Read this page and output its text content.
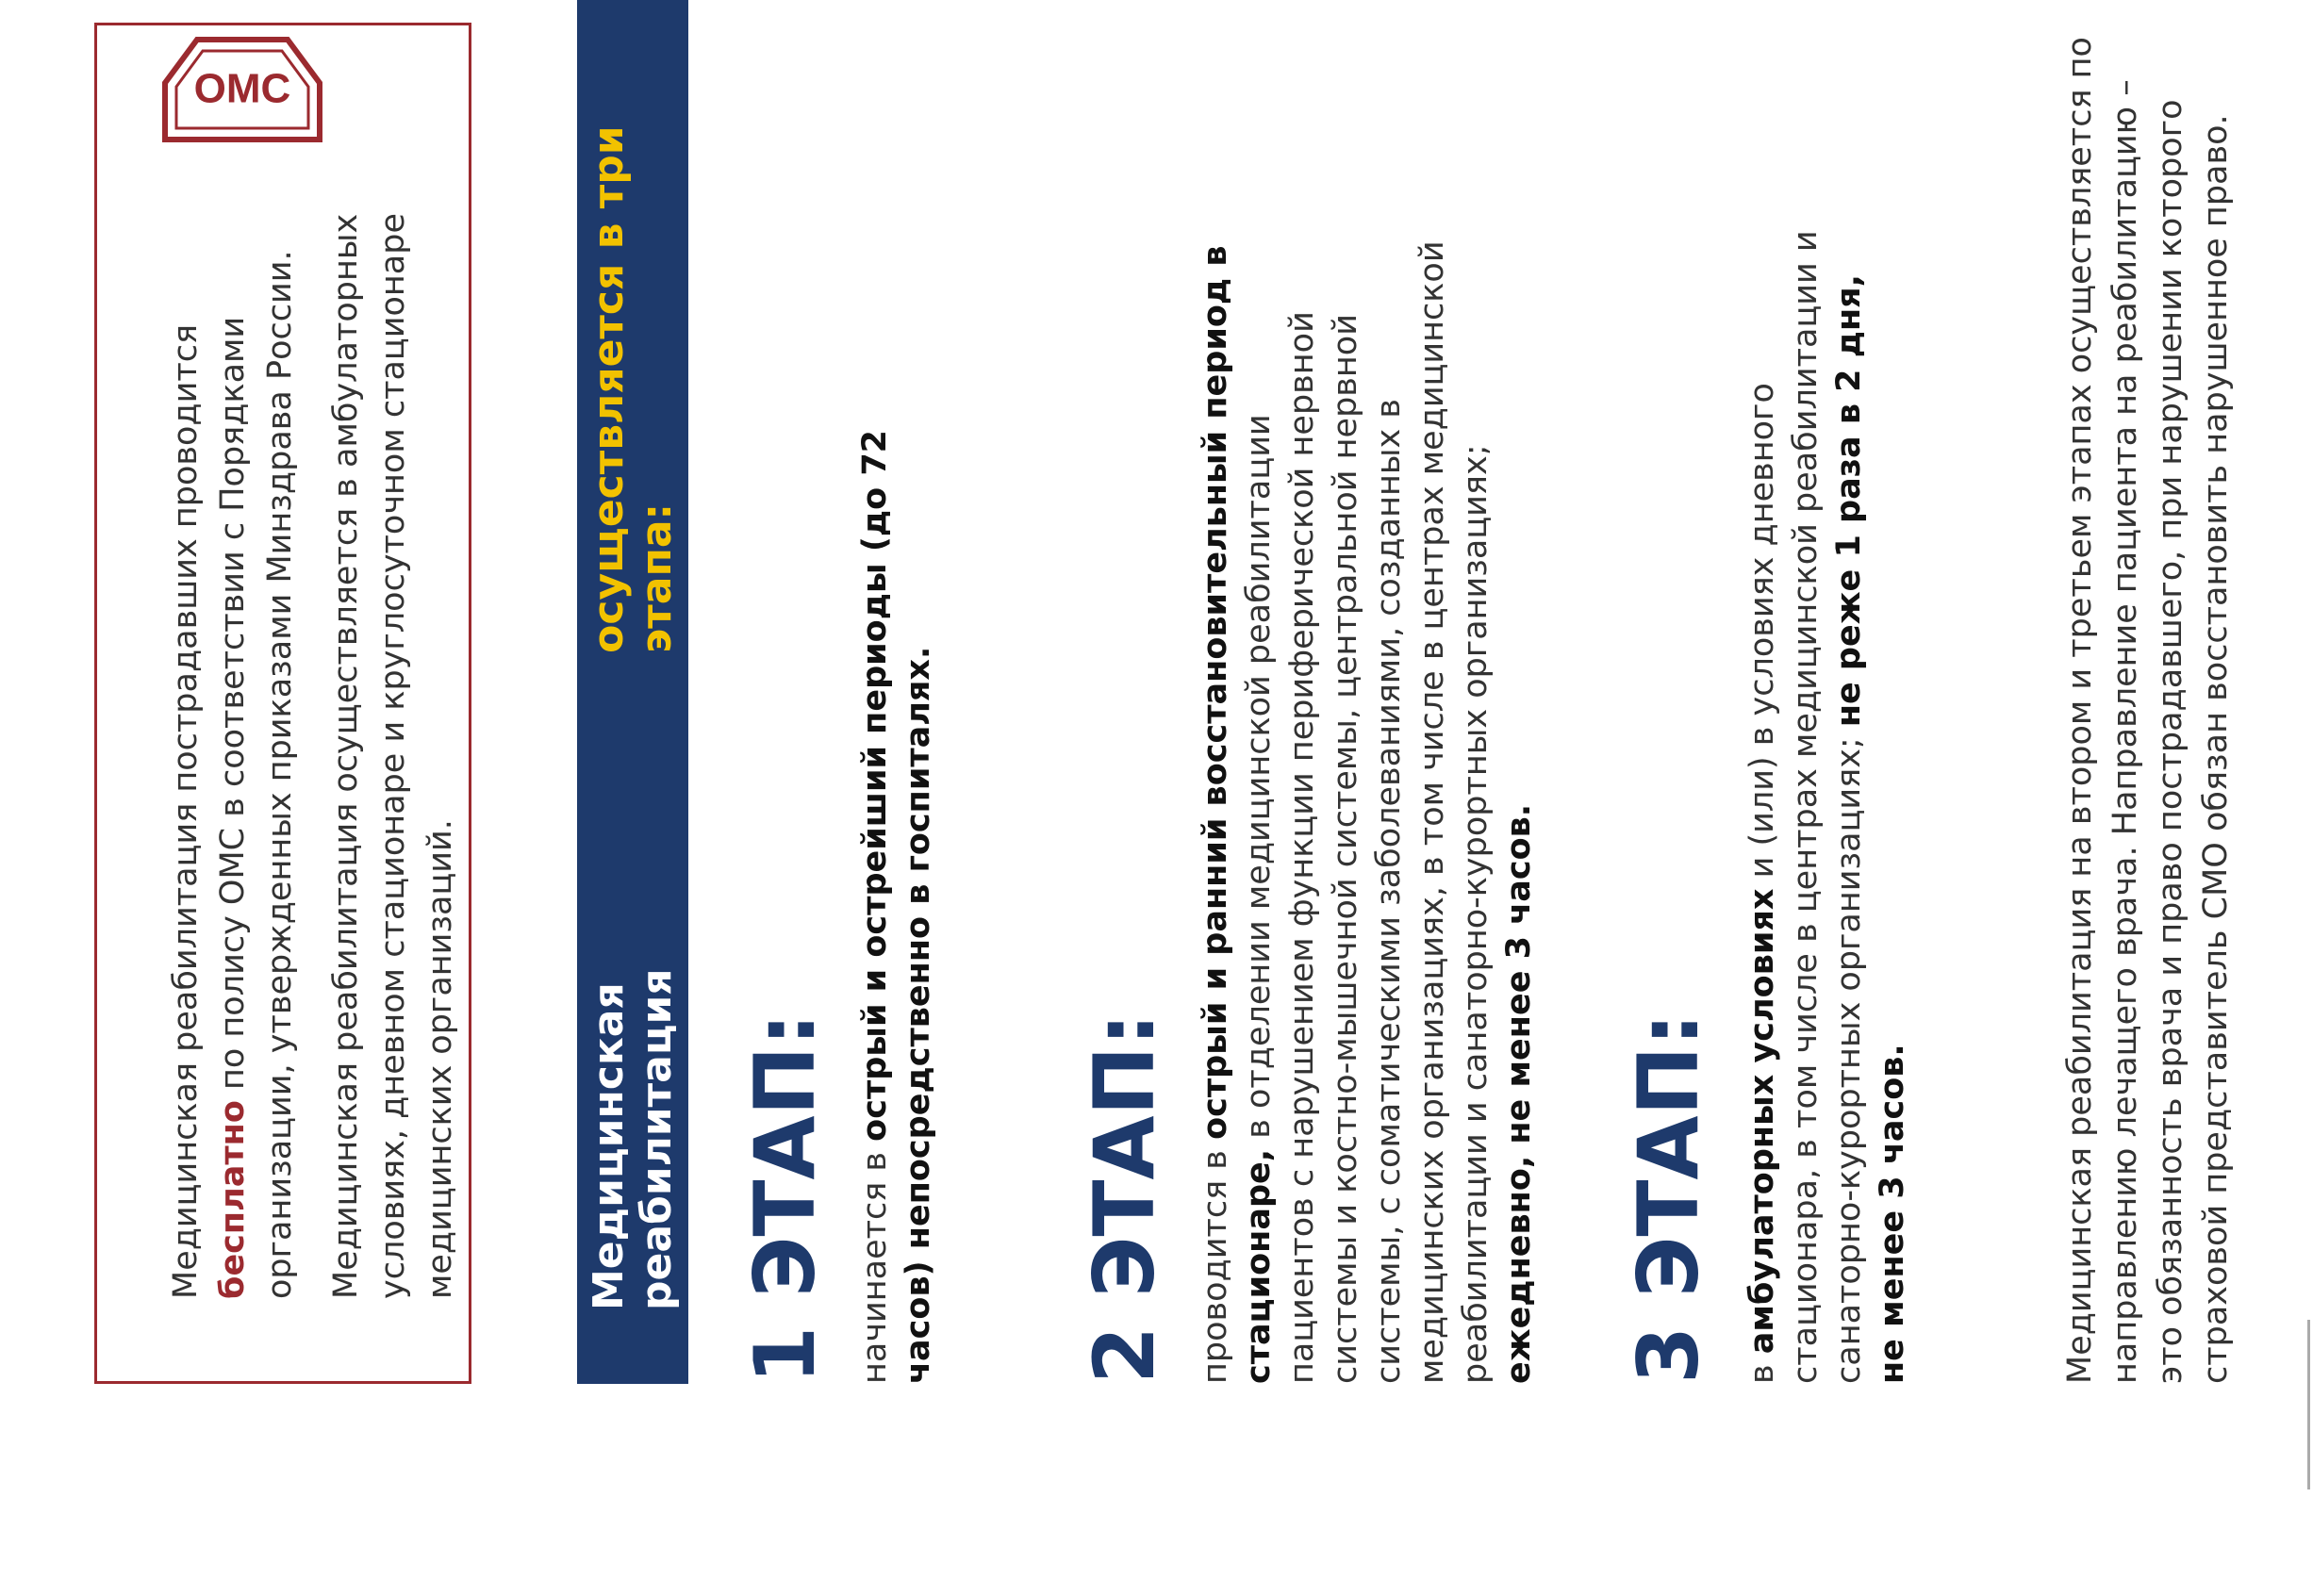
ОМС

Медицинская реабилитация пострадавших проводится бесплатно по полису ОМС в соответствии с Порядками организации, утвержденных приказами Минздрава России. Медицинская реабилитация осуществляется в амбулаторных условиях, дневном стационаре и круглосуточном стационаре медицинских организаций.	Медицинская реабилитация
осуществляется в три этапа:
1 ЭТАП: начинается в острый и острейший периоды (до 72 часов) непосредственно в госпиталях. 2 ЭТАП: проводится в острый и ранний восстановительный период в стационаре, в отделении медицинской реабилитации пациентов с нарушением функции периферической нервной системы и костно-мышечной системы, центральной нервной системы, с соматическими заболеваниями, созданных в медицинских организациях, в том числе в центрах медицинской реабилитации и санаторно-курортных организациях; ежедневно, не менее 3 часов. 3 ЭТАП: в амбулаторных условиях и (или) в условиях дневного стационара, в том числе в центрах медицинской реабилитации и санаторно-курортных организациях; не реже 1 раза в 2 дня, не менее 3 часов.	Медицинская реабилитация на втором и третьем этапах осуществляется по направлению лечащего врача. Направление пациента на реабилитацию – это обязанность врача и право пострадавшего, при нарушении которого страховой представитель СМО обязан восстановить нарушенное право.
